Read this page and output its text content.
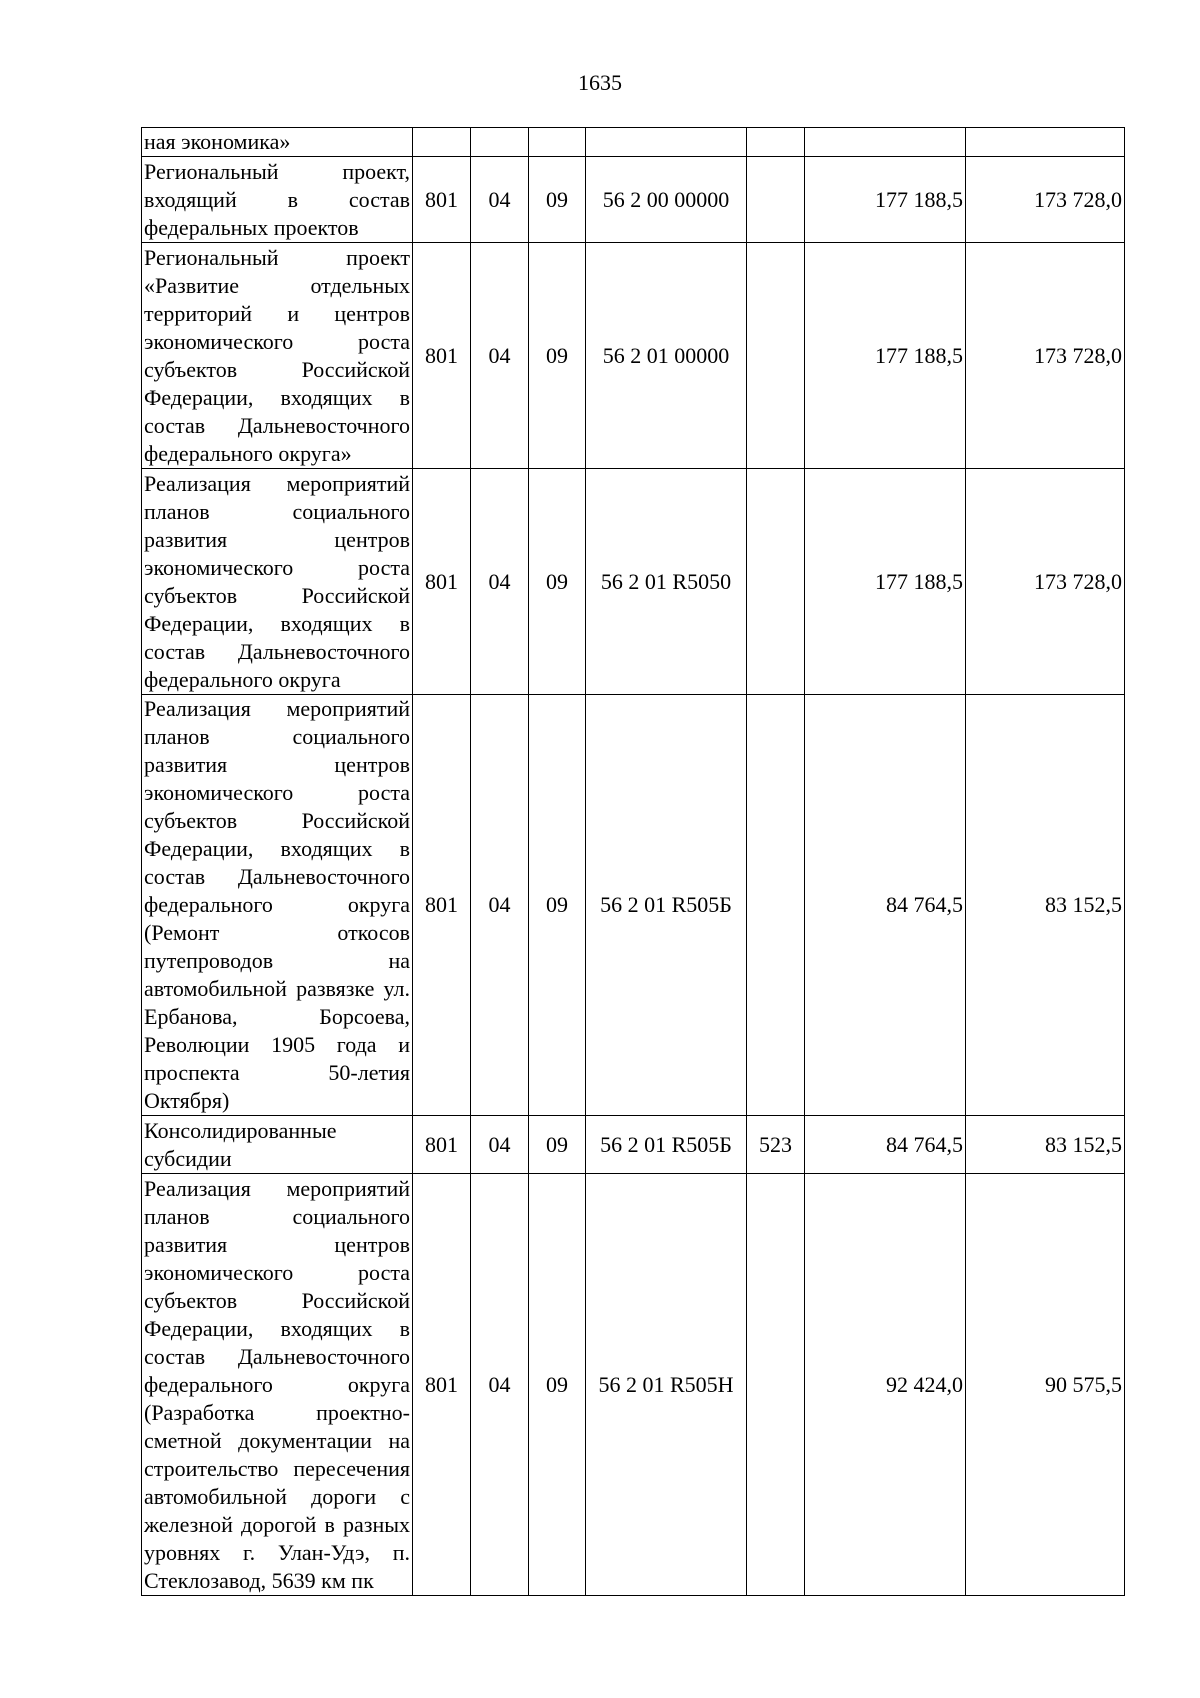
1635
ная экономика»							
Региональный проект, входящий в состав федеральных проектов	801	04	09	56 2 00 00000		177 188,5	173 728,0
Региональный проект «Развитие отдельных территорий и центров экономического роста субъектов Российской Федерации, входящих в состав Дальневосточного федерального округа»	801	04	09	56 2 01 00000		177 188,5	173 728,0
Реализация мероприятий планов социального развития центров экономического роста субъектов Российской Федерации, входящих в состав Дальневосточного федерального округа	801	04	09	56 2 01 R5050		177 188,5	173 728,0
Реализация мероприятий планов социального развития центров экономического роста субъектов Российской Федерации, входящих в состав Дальневосточного федерального округа (Ремонт откосов путепроводов на автомобильной развязке ул. Ербанова, Борсоева, Революции 1905 года и проспекта 50-летия Октября)	801	04	09	56 2 01 R505Б		84 764,5	83 152,5
Консолидированные субсидии	801	04	09	56 2 01 R505Б	523	84 764,5	83 152,5
Реализация мероприятий планов социального развития центров экономического роста субъектов Российской Федерации, входящих в состав Дальневосточного федерального округа (Разработка проектно-сметной документации на строительство пересечения автомобильной дороги с железной дорогой в разных уровнях г. Улан-Удэ, п. Стеклозавод, 5639 км пк	801	04	09	56 2 01 R505Н		92 424,0	90 575,5
